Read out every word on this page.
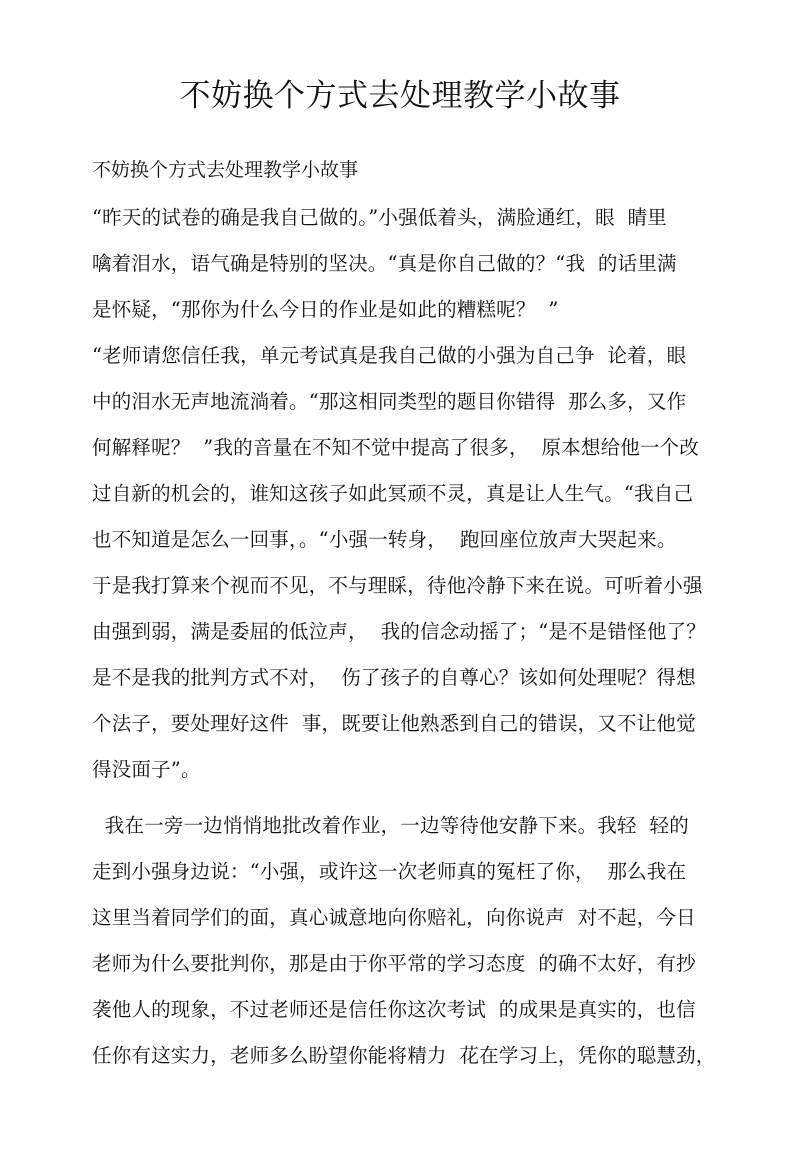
不妨换个方式去处理教学小故事
不妨换个方式去处理教学小故事
“昨天的试卷的确是我自己做的。”小强低着头，满脸通红，眼  睛里
噙着泪水，语气确是特别的坚决。“真是你自己做的？“我  的话里满
是怀疑，“那你为什么今日的作业是如此的糟糕呢？  ”
“老师请您信任我，单元考试真是我自己做的小强为自己争  论着，眼
中的泪水无声地流淌着。“那这相同类型的题目你错得  那么多，又作
何解释呢？  ”我的音量在不知不觉中提高了很多，  原本想给他一个改
过自新的机会的，谁知这孩子如此冥顽不灵，真是让人生气。“我自己
也不知道是怎么一回事，。“小强一转身，  跑回座位放声大哭起来。
于是我打算来个视而不见，不与理睬，待他冷静下来在说。可听着小强
由强到弱，满是委屈的低泣声，  我的信念动摇了；“是不是错怪他了？
是不是我的批判方式不对，  伤了孩子的自尊心？该如何处理呢？得想
个法子，要处理好这件  事，既要让他熟悉到自己的错误，又不让他觉
得没面子”。
我在一旁一边悄悄地批改着作业，一边等待他安静下来。我轻  轻的
走到小强身边说：“小强，或许这一次老师真的冤枉了你，  那么我在
这里当着同学们的面，真心诚意地向你赔礼，向你说声  对不起，今日
老师为什么要批判你，那是由于你平常的学习态度  的确不太好，有抄
袭他人的现象，不过老师还是信任你这次考试  的成果是真实的，也信
任你有这实力，老师多么盼望你能将精力  花在学习上，凭你的聪慧劲，
